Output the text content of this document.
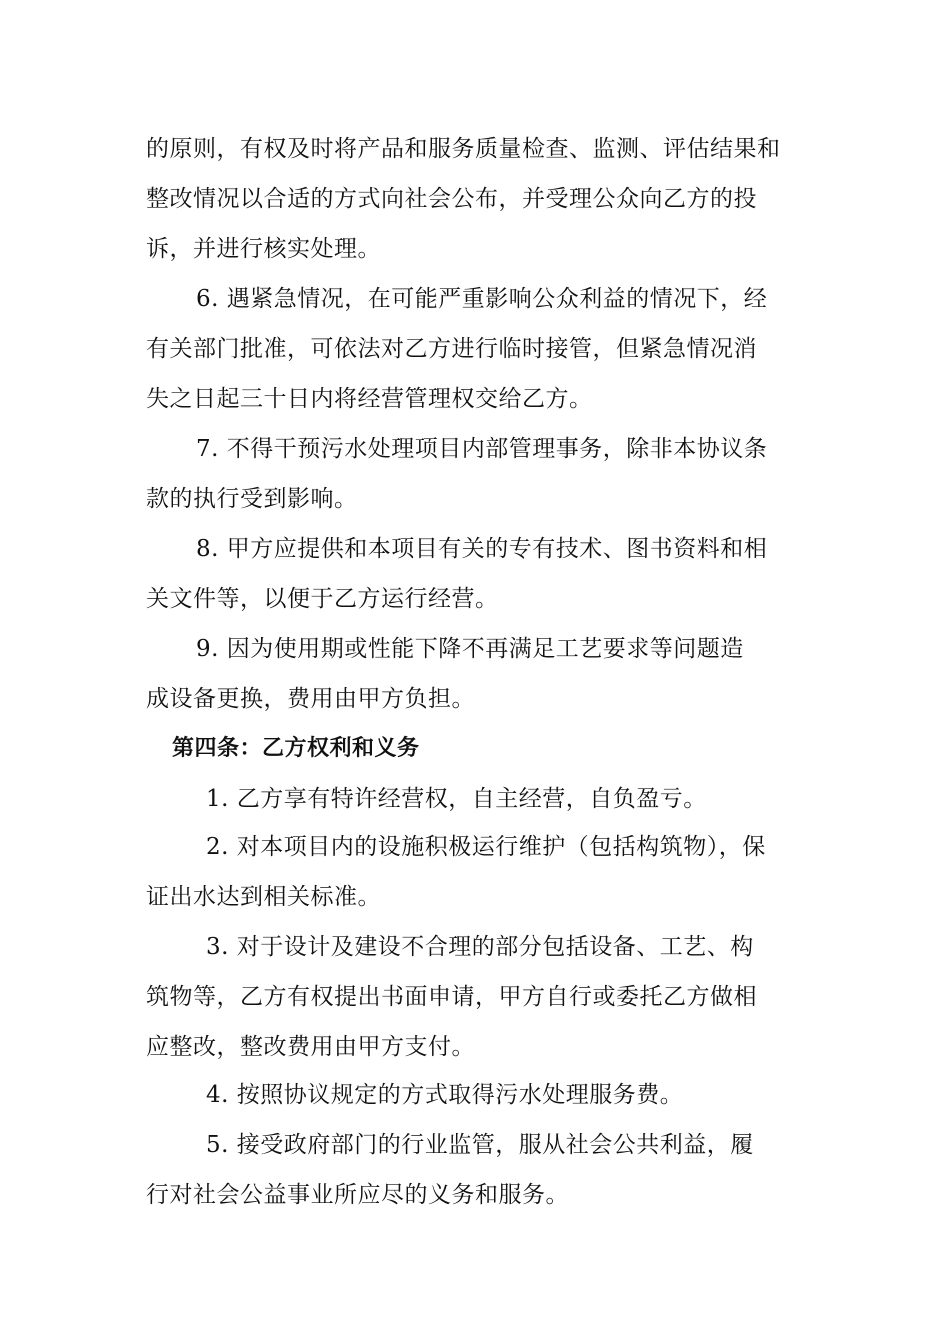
的原则，有权及时将产品和服务质量检查、监测、评估结果和
整改情况以合适的方式向社会公布，并受理公众向乙方的投
诉，并进行核实处理。
6. 遇紧急情况，在可能严重影响公众利益的情况下，经
有关部门批准，可依法对乙方进行临时接管，但紧急情况消
失之日起三十日内将经营管理权交给乙方。
7. 不得干预污水处理项目内部管理事务，除非本协议条
款的执行受到影响。
8. 甲方应提供和本项目有关的专有技术、图书资料和相
关文件等，以便于乙方运行经营。
9. 因为使用期或性能下降不再满足工艺要求等问题造
成设备更换，费用由甲方负担。
第四条：乙方权利和义务
1. 乙方享有特许经营权，自主经营，自负盈亏。
2. 对本项目内的设施积极运行维护（包括构筑物），保
证出水达到相关标准。
3. 对于设计及建设不合理的部分包括设备、工艺、构
筑物等，乙方有权提出书面申请，甲方自行或委托乙方做相
应整改，整改费用由甲方支付。
4. 按照协议规定的方式取得污水处理服务费。
5. 接受政府部门的行业监管，服从社会公共利益，履
行对社会公益事业所应尽的义务和服务。
